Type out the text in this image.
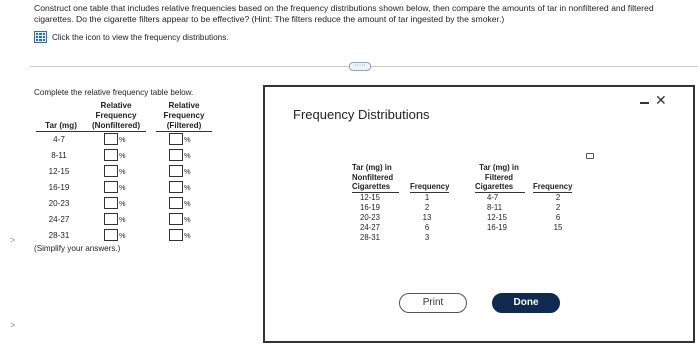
Construct one table that includes relative frequencies based on the frequency distributions shown below, then compare the amounts of tar in nonfiltered and filtered cigarettes. Do the cigarette filters appear to be effective? (Hint: The filters reduce the amount of tar ingested by the smoker.)
Click the icon to view the frequency distributions.
·····
>
>
Complete the relative frequency table below.
Relative
Frequency
(Nonfiltered)
Relative
Frequency
(Filtered)
Tar (mg)
4-7	%	%
8-11	%	%
12-15	%	%
16-19	%	%
20-23	%	%
24-27	%	%
28-31	%	%
(Simplify your answers.)
Frequency Distributions
✕
Tar (mg) in
Nonfiltered
Cigarettes	Frequency
12-15	1
16-19	2
20-23	13
24-27	6
28-31	3
Tar (mg) in
Filtered
Cigarettes	Frequency
4-7	2
8-11	2
12-15	6
16-19	15
Print	Done
